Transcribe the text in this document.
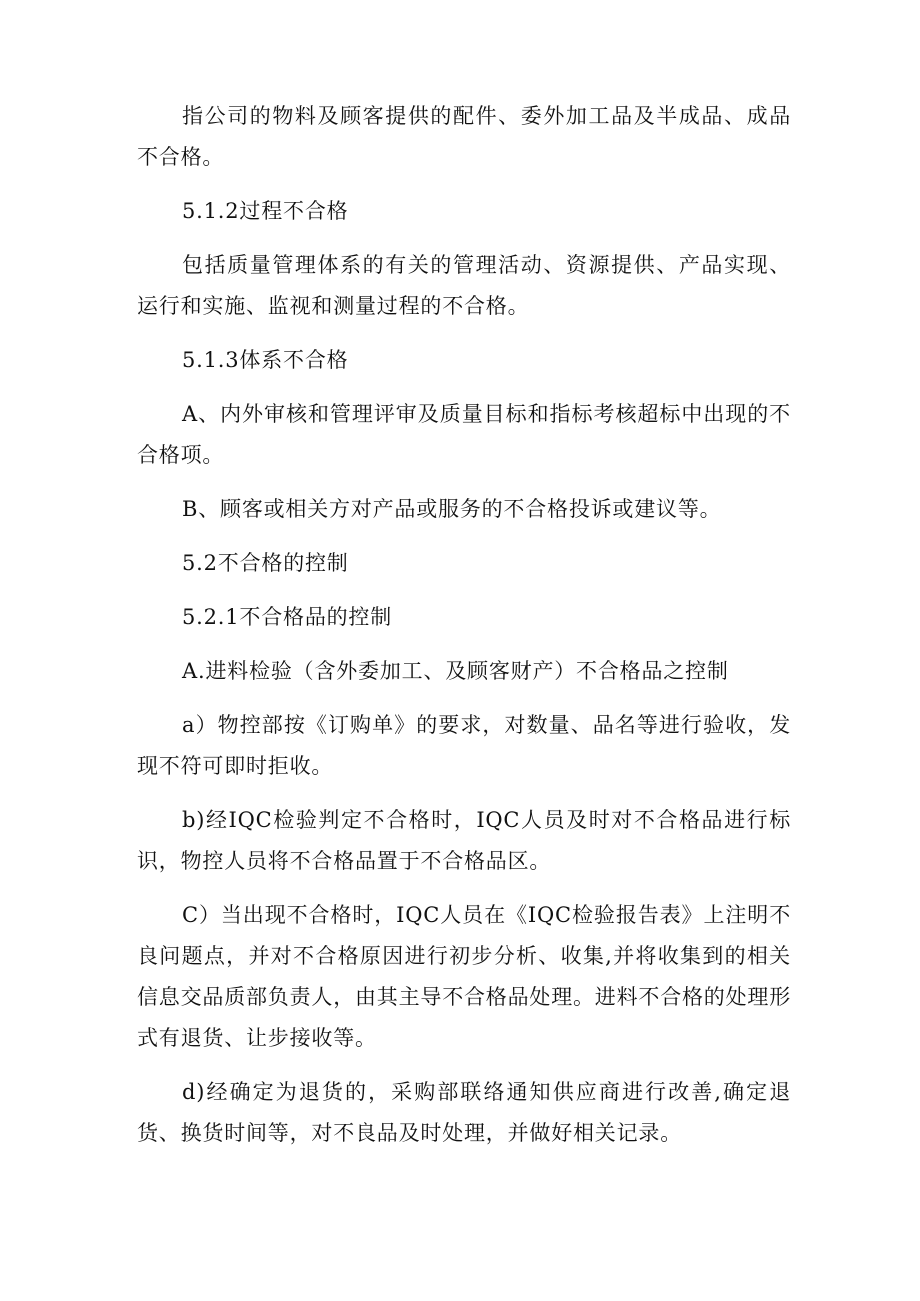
指公司的物料及顾客提供的配件、委外加工品及半成品、成品不合格。

5.1.2过程不合格

包括质量管理体系的有关的管理活动、资源提供、产品实现、运行和实施、监视和测量过程的不合格。

5.1.3体系不合格

A、内外审核和管理评审及质量目标和指标考核超标中出现的不合格项。

B、顾客或相关方对产品或服务的不合格投诉或建议等。

5.2不合格的控制

5.2.1不合格品的控制

A.进料检验（含外委加工、及顾客财产）不合格品之控制

a）物控部按《订购单》的要求，对数量、品名等进行验收，发现不符可即时拒收。

b)经IQC检验判定不合格时，IQC人员及时对不合格品进行标识，物控人员将不合格品置于不合格品区。

C）当出现不合格时，IQC人员在《IQC检验报告表》上注明不良问题点，并对不合格原因进行初步分析、收集,并将收集到的相关信息交品质部负责人，由其主导不合格品处理。进料不合格的处理形式有退货、让步接收等。

d)经确定为退货的，采购部联络通知供应商进行改善,确定退货、换货时间等，对不良品及时处理，并做好相关记录。
